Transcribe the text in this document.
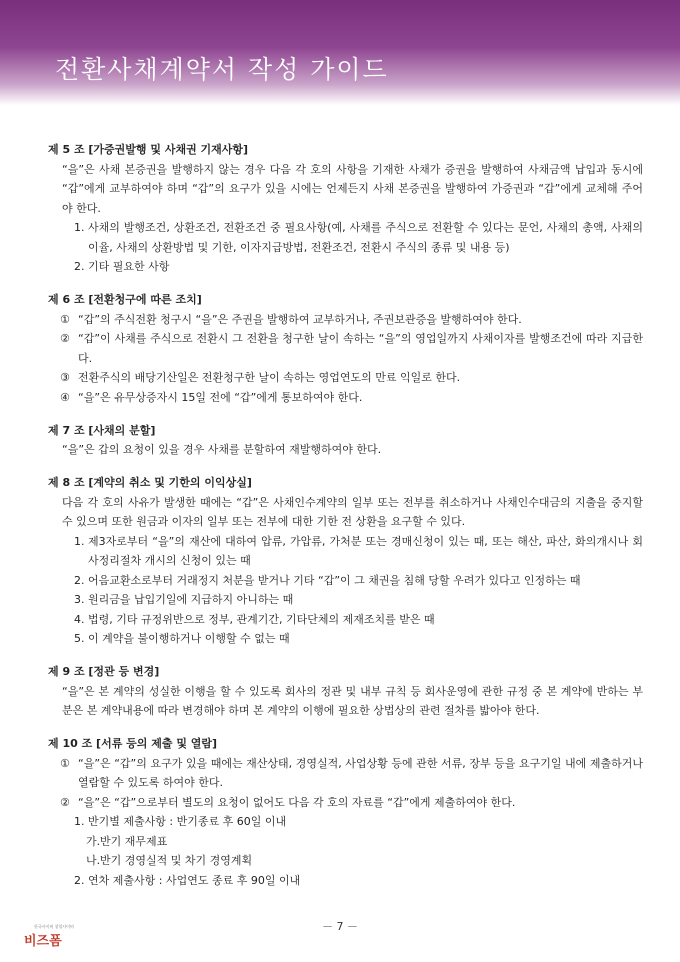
전환사채계약서 작성 가이드
제 5 조 [가증권발행 및 사채권 기재사항]
“을”은 사채 본증권을 발행하지 않는 경우 다음 각 호의 사항을 기재한 사채가 증권을 발행하여 사채금액 납입과 동시에 “갑”에게 교부하여야 하며 “갑”의 요구가 있을 시에는 언제든지 사채 본증권을 발행하여 가증권과 “갑”에게 교체해 주어야 한다.
1. 사채의 발행조건, 상환조건, 전환조건 중 필요사항(예, 사채를 주식으로 전환할 수 있다는 문언, 사채의 총액, 사채의 이율, 사채의 상환방법 및 기한, 이자지급방법, 전환조건, 전환시 주식의 종류 및 내용 등)
2. 기타 필요한 사항
제 6 조 [전환청구에 따른 조치]
① “갑”의 주식전환 청구시 “을”은 주권을 발행하여 교부하거나, 주권보관증을 발행하여야 한다.
② “갑”이 사채를 주식으로 전환시 그 전환을 청구한 날이 속하는 “을”의 영업일까지 사채이자를 발행조건에 따라 지급한다.
③ 전환주식의 배당기산일은 전환청구한 날이 속하는 영업연도의 만료 익일로 한다.
④ “을”은 유무상증자시 15일 전에 “갑”에게 통보하여야 한다.
제 7 조 [사채의 분할]
“을”은 갑의 요청이 있을 경우 사채를 분할하여 재발행하여야 한다.
제 8 조 [계약의 취소 및 기한의 이익상실]
다음 각 호의 사유가 발생한 때에는 “갑”은 사채인수계약의 일부 또는 전부를 취소하거나 사채인수대금의 지출을 중지할 수 있으며 또한 원금과 이자의 일부 또는 전부에 대한 기한 전 상환을 요구할 수 있다.
1. 제3자로부터 “을”의 재산에 대하여 압류, 가압류, 가처분 또는 경매신청이 있는 때, 또는 해산, 파산, 화의개시나 회사정리절차 개시의 신청이 있는 때
2. 어음교환소로부터 거래정지 처분을 받거나 기타 “갑”이 그 채권을 침해 당할 우려가 있다고 인정하는 때
3. 원리금을 납입기일에 지급하지 아니하는 때
4. 법령, 기타 규정위반으로 정부, 관계기간, 기타단체의 제재조치를 받은 때
5. 이 계약을 불이행하거나 이행할 수 없는 때
제 9 조 [정관 등 변경]
“을”은 본 계약의 성실한 이행을 할 수 있도록 회사의 정관 및 내부 규칙 등 회사운영에 관한 규정 중 본 계약에 반하는 부분은 본 계약내용에 따라 변경해야 하며 본 계약의 이행에 필요한 상법상의 관련 절차를 밟아야 한다.
제 10 조 [서류 등의 제출 및 열람]
① “을”은 “갑”의 요구가 있을 때에는 재산상태, 경영실적, 사업상황 등에 관한 서류, 장부 등을 요구기일 내에 제출하거나 열람할 수 있도록 하여야 한다.
② “을”은 “갑”으로부터 별도의 요청이 없어도 다음 각 호의 자료를 “갑”에게 제출하여야 한다.
1. 반기별 제출사항 : 반기종료 후 60일 이내
가. 반기 재무제표
나. 반기 경영실적 및 차기 경영계획
2. 연차 제출사항 : 사업연도 종료 후 90일 이내
－ 7 －
한국사이버 창업사이버
비즈폼
